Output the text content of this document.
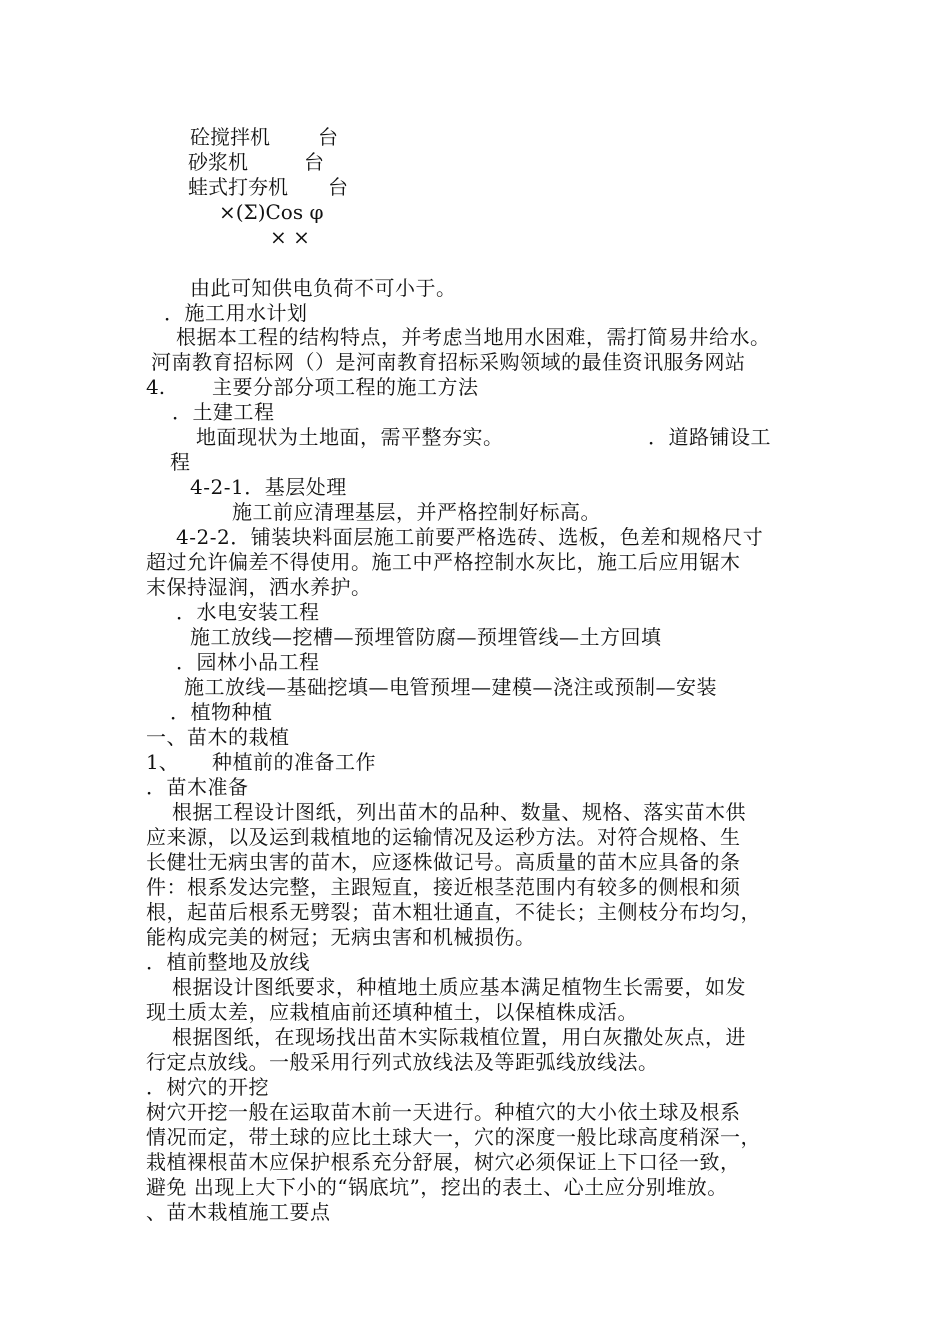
砼搅拌机 台
砂浆机	台
蛙式打夯机 台
×(Σ)Cos φ
× ×
由此可知供电负荷不可小于。
．施工用水计划
根据本工程的结构特点，并考虑当地用水困难，需打简易井给水。
河南教育招标网（）是河南教育招标采购领域的最佳资讯服务网站
4. 主要分部分项工程的施工方法
．土建工程
地面现状为土地面，需平整夯实。	．道路铺设工
程
4-2-1．基层处理
施工前应清理基层，并严格控制好标高。
4-2-2．铺装块料面层施工前要严格选砖、选板，色差和规格尺寸
超过允许偏差不得使用。施工中严格控制水灰比，施工后应用锯木
末保持湿润，洒水养护。
．水电安装工程
施工放线—挖槽—预埋管防腐—预埋管线—土方回填
．园林小品工程
施工放线—基础挖填—电管预埋—建模—浇注或预制—安装
．植物种植
一、苗木的栽植
1、 种植前的准备工作
．苗木准备
根据工程设计图纸，列出苗木的品种、数量、规格、落实苗木供
应来源，以及运到栽植地的运输情况及运秒方法。对符合规格、生
长健壮无病虫害的苗木，应逐株做记号。高质量的苗木应具备的条
件：根系发达完整，主跟短直，接近根茎范围内有较多的侧根和须
根，起苗后根系无劈裂；苗木粗壮通直，不徒长；主侧枝分布均匀，
能构成完美的树冠；无病虫害和机械损伤。
．植前整地及放线
根据设计图纸要求，种植地土质应基本满足植物生长需要，如发
现土质太差，应栽植庙前还填种植土，以保植株成活。
根据图纸，在现场找出苗木实际栽植位置，用白灰撒处灰点，进
行定点放线。一般采用行列式放线法及等距弧线放线法。
．树穴的开挖
树穴开挖一般在运取苗木前一天进行。种植穴的大小依土球及根系
情况而定，带土球的应比土球大一，穴的深度一般比球高度稍深一，
栽植裸根苗木应保护根系充分舒展，树穴必须保证上下口径一致，
避免 出现上大下小的“锅底坑”，挖出的表土、心土应分别堆放。
、苗木栽植施工要点
